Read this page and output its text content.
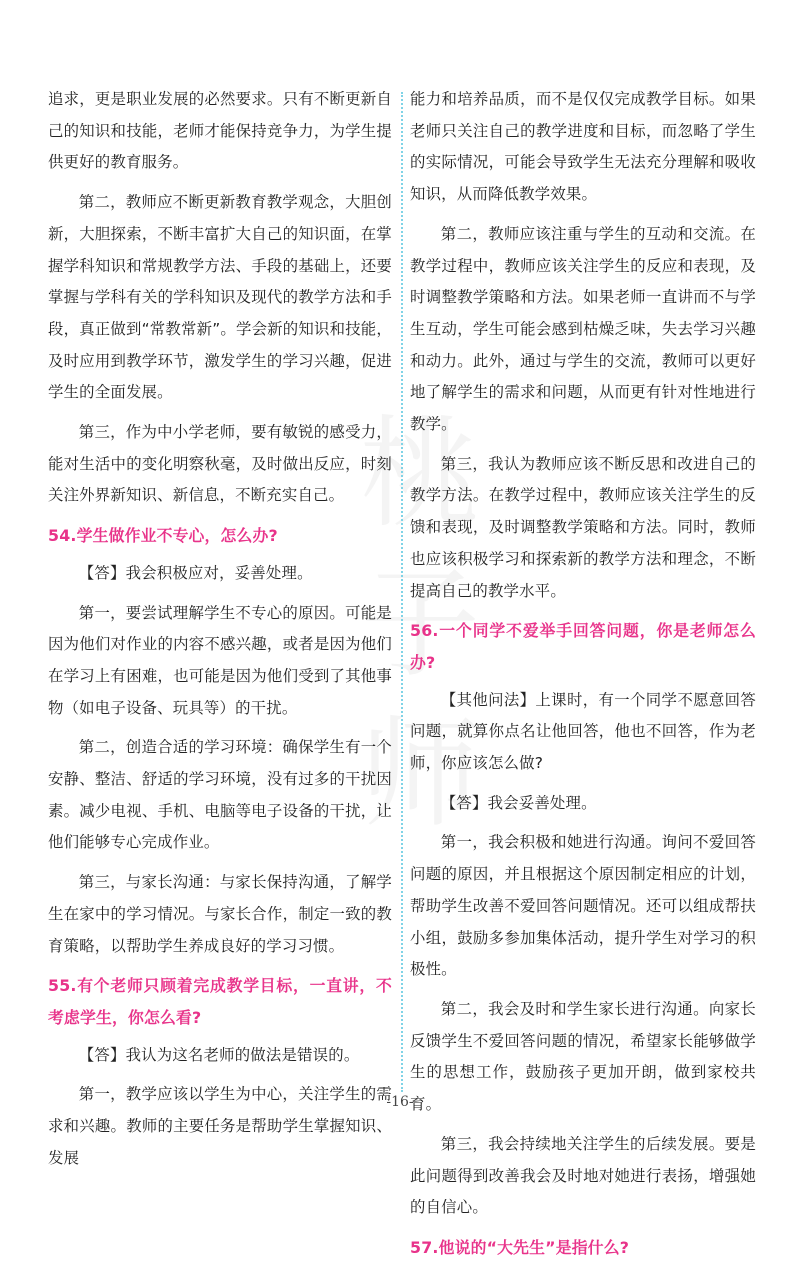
追求，更是职业发展的必然要求。只有不断更新自己的知识和技能，老师才能保持竞争力，为学生提供更好的教育服务。

第二，教师应不断更新教育教学观念，大胆创新，大胆探索，不断丰富扩大自己的知识面，在掌握学科知识和常规教学方法、手段的基础上，还要掌握与学科有关的学科知识及现代的教学方法和手段，真正做到“常教常新”。学会新的知识和技能，及时应用到教学环节，激发学生的学习兴趣，促进学生的全面发展。

第三，作为中小学老师，要有敏锐的感受力，能对生活中的变化明察秋毫，及时做出反应，时刻关注外界新知识、新信息，不断充实自己。

54.学生做作业不专心，怎么办?

【答】我会积极应对，妥善处理。

第一，要尝试理解学生不专心的原因。可能是因为他们对作业的内容不感兴趣，或者是因为他们在学习上有困难，也可能是因为他们受到了其他事物（如电子设备、玩具等）的干扰。

第二，创造合适的学习环境：确保学生有一个安静、整洁、舒适的学习环境，没有过多的干扰因素。减少电视、手机、电脑等电子设备的干扰，让他们能够专心完成作业。

第三，与家长沟通：与家长保持沟通，了解学生在家中的学习情况。与家长合作，制定一致的教育策略，以帮助学生养成良好的学习习惯。

55.有个老师只顾着完成教学目标，一直讲，不考虑学生，你怎么看?

【答】我认为这名老师的做法是错误的。

第一，教学应该以学生为中心，关注学生的需求和兴趣。教师的主要任务是帮助学生掌握知识、发展

能力和培养品质，而不是仅仅完成教学目标。如果老师只关注自己的教学进度和目标，而忽略了学生的实际情况，可能会导致学生无法充分理解和吸收知识，从而降低教学效果。

第二，教师应该注重与学生的互动和交流。在教学过程中，教师应该关注学生的反应和表现，及时调整教学策略和方法。如果老师一直讲而不与学生互动，学生可能会感到枯燥乏味，失去学习兴趣和动力。此外，通过与学生的交流，教师可以更好地了解学生的需求和问题，从而更有针对性地进行教学。

第三，我认为教师应该不断反思和改进自己的教学方法。在教学过程中，教师应该关注学生的反馈和表现，及时调整教学策略和方法。同时，教师也应该积极学习和探索新的教学方法和理念，不断提高自己的教学水平。

56.一个同学不爱举手回答问题，你是老师怎么办?

【其他问法】上课时，有一个同学不愿意回答问题，就算你点名让他回答，他也不回答，作为老师，你应该怎么做?

【答】我会妥善处理。

第一，我会积极和她进行沟通。询问不爱回答问题的原因，并且根据这个原因制定相应的计划，帮助学生改善不爱回答问题情况。还可以组成帮扶小组，鼓励多参加集体活动，提升学生对学习的积极性。

第二，我会及时和学生家长进行沟通。向家长反馈学生不爱回答问题的情况，希望家长能够做学生的思想工作，鼓励孩子更加开朗，做到家校共育。

第三，我会持续地关注学生的后续发展。要是此问题得到改善我会及时地对她进行表扬，增强她的自信心。

57.他说的“大先生”是指什么?
-16-
